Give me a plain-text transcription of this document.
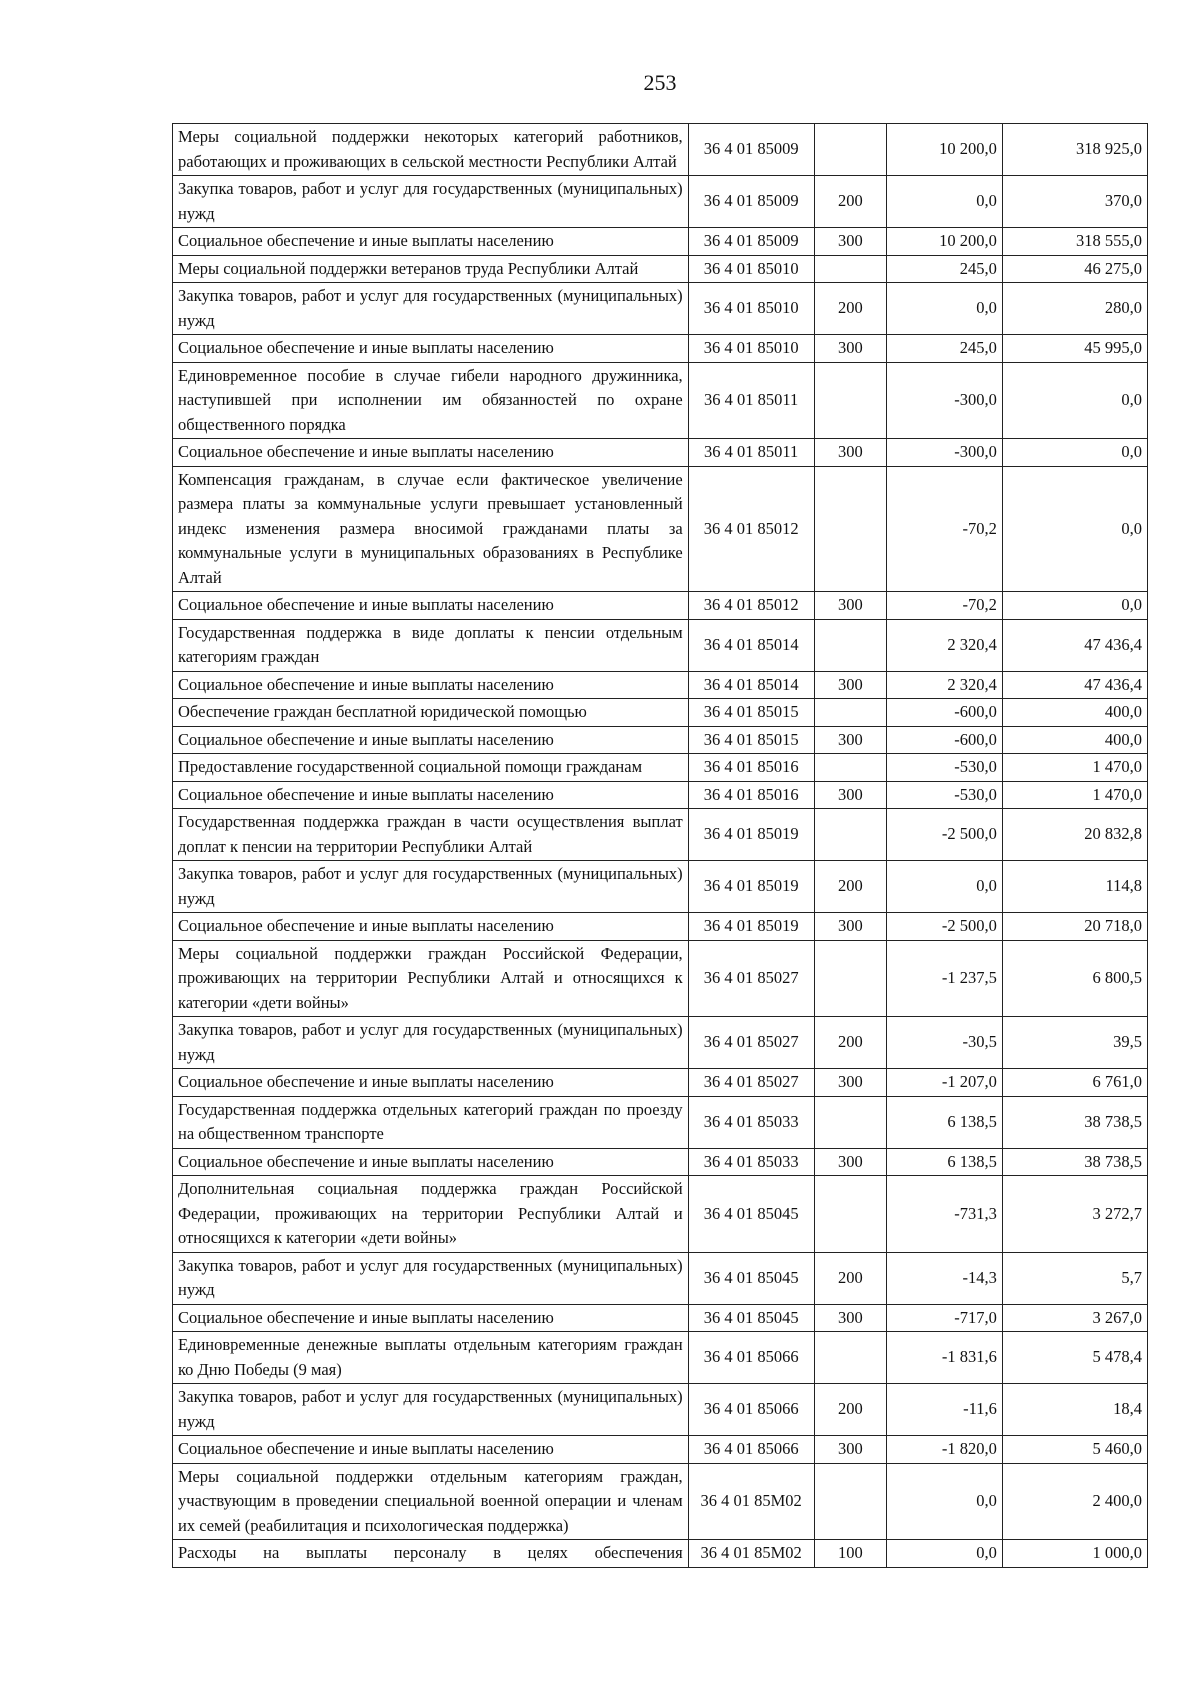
253
Меры социальной поддержки некоторых категорий работников, работающих и проживающих в сельской местности Республики Алтай	36 4 01 85009		10 200,0	318 925,0
Закупка товаров, работ и услуг для государственных (муниципальных) нужд	36 4 01 85009	200	0,0	370,0
Социальное обеспечение и иные выплаты населению	36 4 01 85009	300	10 200,0	318 555,0
Меры социальной поддержки ветеранов труда Республики Алтай	36 4 01 85010		245,0	46 275,0
Закупка товаров, работ и услуг для государственных (муниципальных) нужд	36 4 01 85010	200	0,0	280,0
Социальное обеспечение и иные выплаты населению	36 4 01 85010	300	245,0	45 995,0
Единовременное пособие в случае гибели народного дружинника, наступившей при исполнении им обязанностей по охране общественного порядка	36 4 01 85011		-300,0	0,0
Социальное обеспечение и иные выплаты населению	36 4 01 85011	300	-300,0	0,0
Компенсация гражданам, в случае если фактическое увеличение размера платы за коммунальные услуги превышает установленный индекс изменения размера вносимой гражданами платы за коммунальные услуги в муниципальных образованиях в Республике Алтай	36 4 01 85012		-70,2	0,0
Социальное обеспечение и иные выплаты населению	36 4 01 85012	300	-70,2	0,0
Государственная поддержка в виде доплаты к пенсии отдельным категориям граждан	36 4 01 85014		2 320,4	47 436,4
Социальное обеспечение и иные выплаты населению	36 4 01 85014	300	2 320,4	47 436,4
Обеспечение граждан бесплатной юридической помощью	36 4 01 85015		-600,0	400,0
Социальное обеспечение и иные выплаты населению	36 4 01 85015	300	-600,0	400,0
Предоставление государственной социальной помощи гражданам	36 4 01 85016		-530,0	1 470,0
Социальное обеспечение и иные выплаты населению	36 4 01 85016	300	-530,0	1 470,0
Государственная поддержка граждан в части осуществления выплат доплат к пенсии на территории Республики Алтай	36 4 01 85019		-2 500,0	20 832,8
Закупка товаров, работ и услуг для государственных (муниципальных) нужд	36 4 01 85019	200	0,0	114,8
Социальное обеспечение и иные выплаты населению	36 4 01 85019	300	-2 500,0	20 718,0
Меры социальной поддержки граждан Российской Федерации, проживающих на территории Республики Алтай и относящихся к категории «дети войны»	36 4 01 85027		-1 237,5	6 800,5
Закупка товаров, работ и услуг для государственных (муниципальных) нужд	36 4 01 85027	200	-30,5	39,5
Социальное обеспечение и иные выплаты населению	36 4 01 85027	300	-1 207,0	6 761,0
Государственная поддержка отдельных категорий граждан по проезду на общественном транспорте	36 4 01 85033		6 138,5	38 738,5
Социальное обеспечение и иные выплаты населению	36 4 01 85033	300	6 138,5	38 738,5
Дополнительная социальная поддержка граждан Российской Федерации, проживающих на территории Республики Алтай и относящихся к категории «дети войны»	36 4 01 85045		-731,3	3 272,7
Закупка товаров, работ и услуг для государственных (муниципальных) нужд	36 4 01 85045	200	-14,3	5,7
Социальное обеспечение и иные выплаты населению	36 4 01 85045	300	-717,0	3 267,0
Единовременные денежные выплаты отдельным категориям граждан ко Дню Победы (9 мая)	36 4 01 85066		-1 831,6	5 478,4
Закупка товаров, работ и услуг для государственных (муниципальных) нужд	36 4 01 85066	200	-11,6	18,4
Социальное обеспечение и иные выплаты населению	36 4 01 85066	300	-1 820,0	5 460,0
Меры социальной поддержки отдельным категориям граждан, участвующим в проведении специальной военной операции и членам их семей (реабилитация и психологическая поддержка)	36 4 01 85М02		0,0	2 400,0
Расходы на выплаты персоналу в целях обеспечения	36 4 01 85М02	100	0,0	1 000,0
